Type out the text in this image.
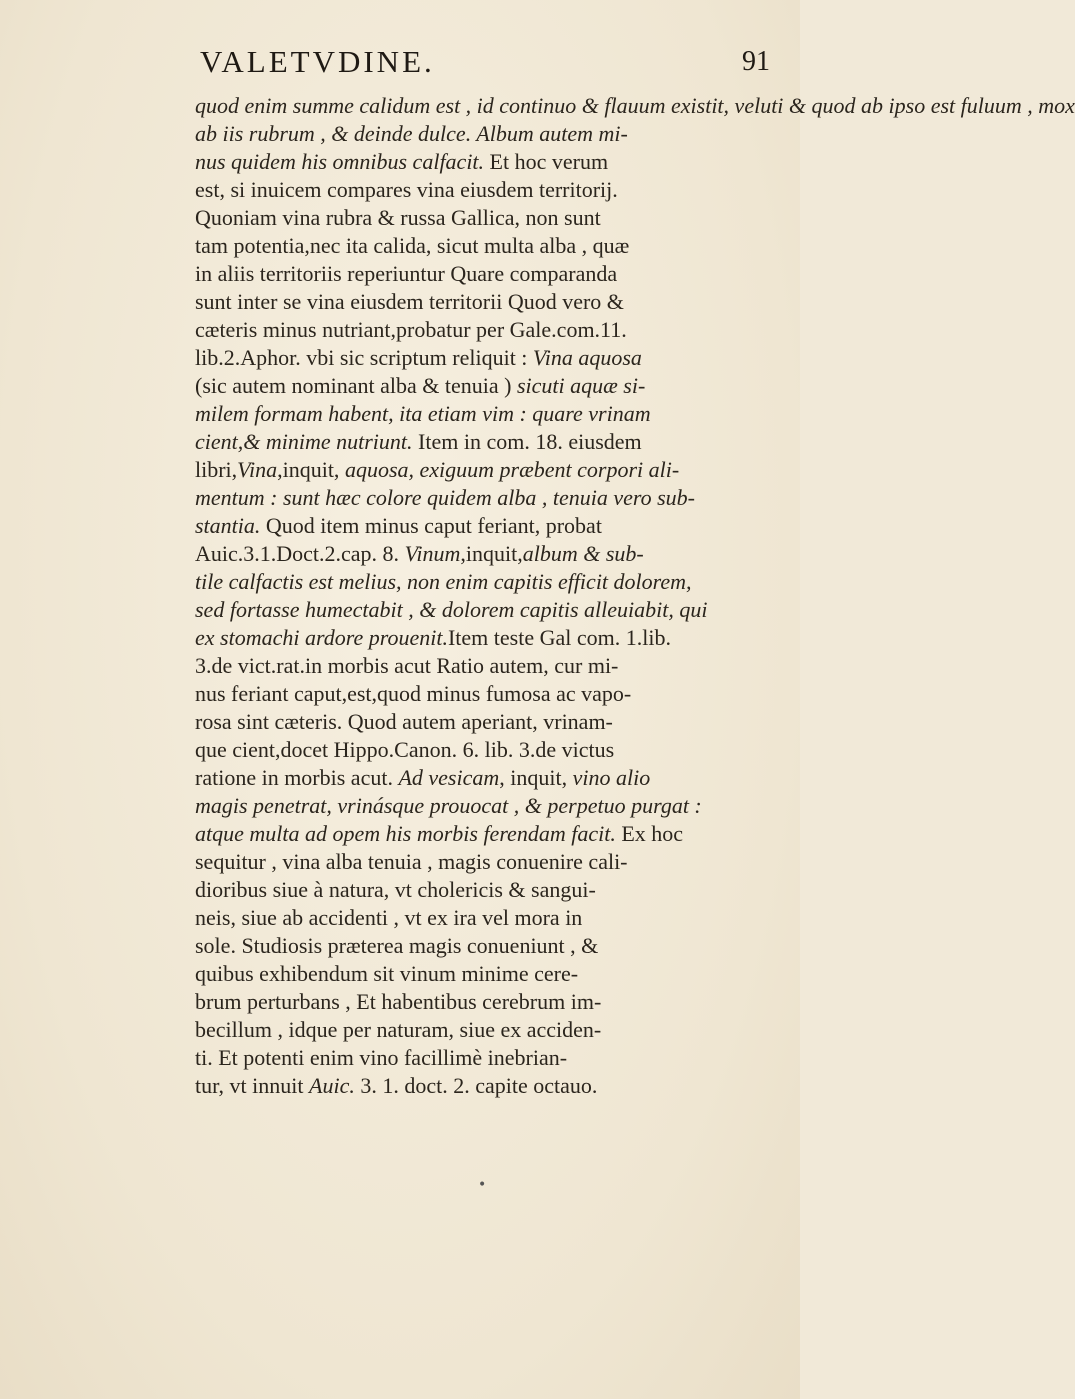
VALETVDINE.	91
quod enim summe calidum est , id continuo & flauum existit, veluti & quod ab ipso est fuluum , mox
ab iis rubrum , & deinde dulce. Album autem mi-
nus quidem his omnibus calfacit. Et hoc verum
est, si inuicem compares vina eiusdem territorij.
Quoniam vina rubra & russa Gallica, non sunt
tam potentia,nec ita calida, sicut multa alba , quæ
in aliis territoriis reperiuntur Quare comparanda
sunt inter se vina eiusdem territorii Quod vero &
cæteris minus nutriant,probatur per Gale.com.11.
lib.2.Aphor. vbi sic scriptum reliquit : Vina aquosa
(sic autem nominant alba & tenuia ) sicuti aquæ si-
milem formam habent, ita etiam vim : quare vrinam
cient,& minime nutriunt. Item in com. 18. eiusdem
libri,Vina,inquit, aquosa, exiguum præbent corpori ali-
mentum : sunt hæc colore quidem alba , tenuia vero sub-
stantia. Quod item minus caput feriant, probat
Auic.3.1.Doct.2.cap. 8. Vinum,inquit,album & sub-
tile calfactis est melius, non enim capitis efficit dolorem,
sed fortasse humectabit , & dolorem capitis alleuiabit, qui
ex stomachi ardore prouenit.Item teste Gal com. 1.lib.
3.de vict.rat.in morbis acut Ratio autem, cur mi-
nus feriant caput,est,quod minus fumosa ac vapo-
rosa sint cæteris. Quod autem aperiant, vrinam-
que cient,docet Hippo.Canon. 6. lib. 3.de victus
ratione in morbis acut. Ad vesicam, inquit, vino alio
magis penetrat, vrinásque prouocat , & perpetuo purgat :
atque multa ad opem his morbis ferendam facit. Ex hoc
sequitur , vina alba tenuia , magis conuenire cali-
dioribus siue à natura, vt cholericis & sangui-
neis, siue ab accidenti , vt ex ira vel mora in
sole. Studiosis præterea magis conueniunt , &
quibus exhibendum sit vinum minime cere-
brum perturbans , Et habentibus cerebrum im-
becillum , idque per naturam, siue ex acciden-
ti. Et potenti enim vino facillimè inebrian-
tur, vt innuit Auic. 3. 1. doct. 2. capite octauo.
•
